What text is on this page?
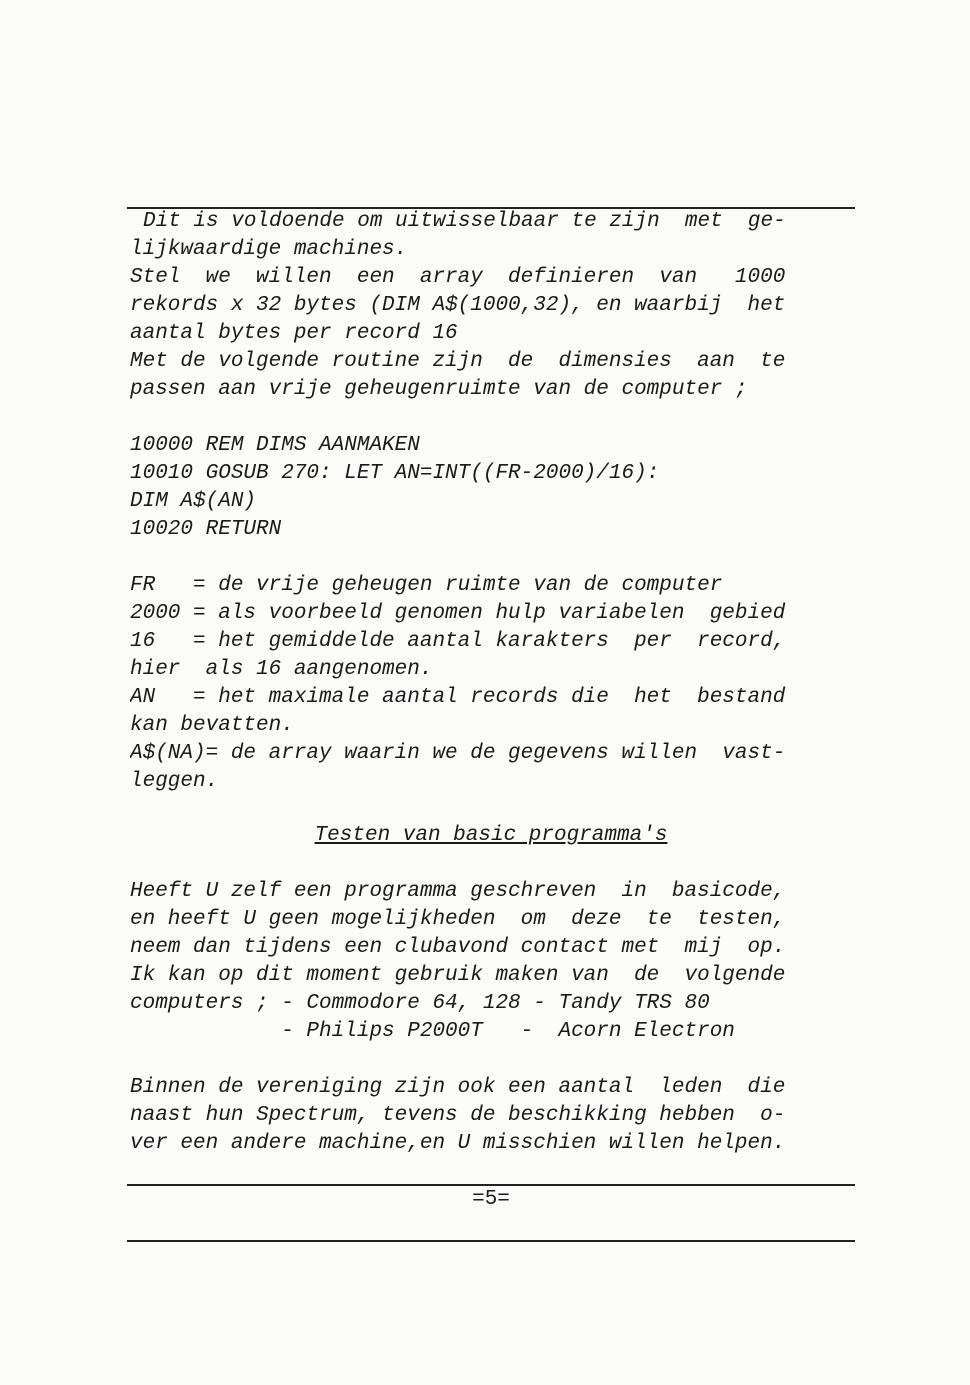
Dit is voldoende om uitwisselbaar te zijn  met  ge-
lijkwaardige machines.
Stel  we  willen  een  array  definieren  van   1000
rekords x 32 bytes (DIM A$(1000,32), en waarbij  het
aantal bytes per record 16
Met de volgende routine zijn  de  dimensies  aan  te
passen aan vrije geheugenruimte van de computer ;
10000 REM DIMS AANMAKEN
10010 GOSUB 270: LET AN=INT((FR-2000)/16):
DIM A$(AN)
10020 RETURN
FR   = de vrije geheugen ruimte van de computer
2000 = als voorbeeld genomen hulp variabelen  gebied
16   = het gemiddelde aantal karakters  per  record,
hier  als 16 aangenomen.
AN   = het maximale aantal records die  het  bestand
kan bevatten.
A$(NA)= de array waarin we de gegevens willen  vast-
leggen.
Testen van basic programma's
Heeft U zelf een programma geschreven  in  basicode,
en heeft U geen mogelijkheden  om  deze  te  testen,
neem dan tijdens een clubavond contact met  mij  op.
Ik kan op dit moment gebruik maken van  de  volgende
computers ; - Commodore 64, 128 - Tandy TRS 80
- Philips P2000T   -  Acorn Electron
Binnen de vereniging zijn ook een aantal  leden  die
naast hun Spectrum, tevens de beschikking hebben  o-
ver een andere machine,en U misschien willen helpen.
=5=
